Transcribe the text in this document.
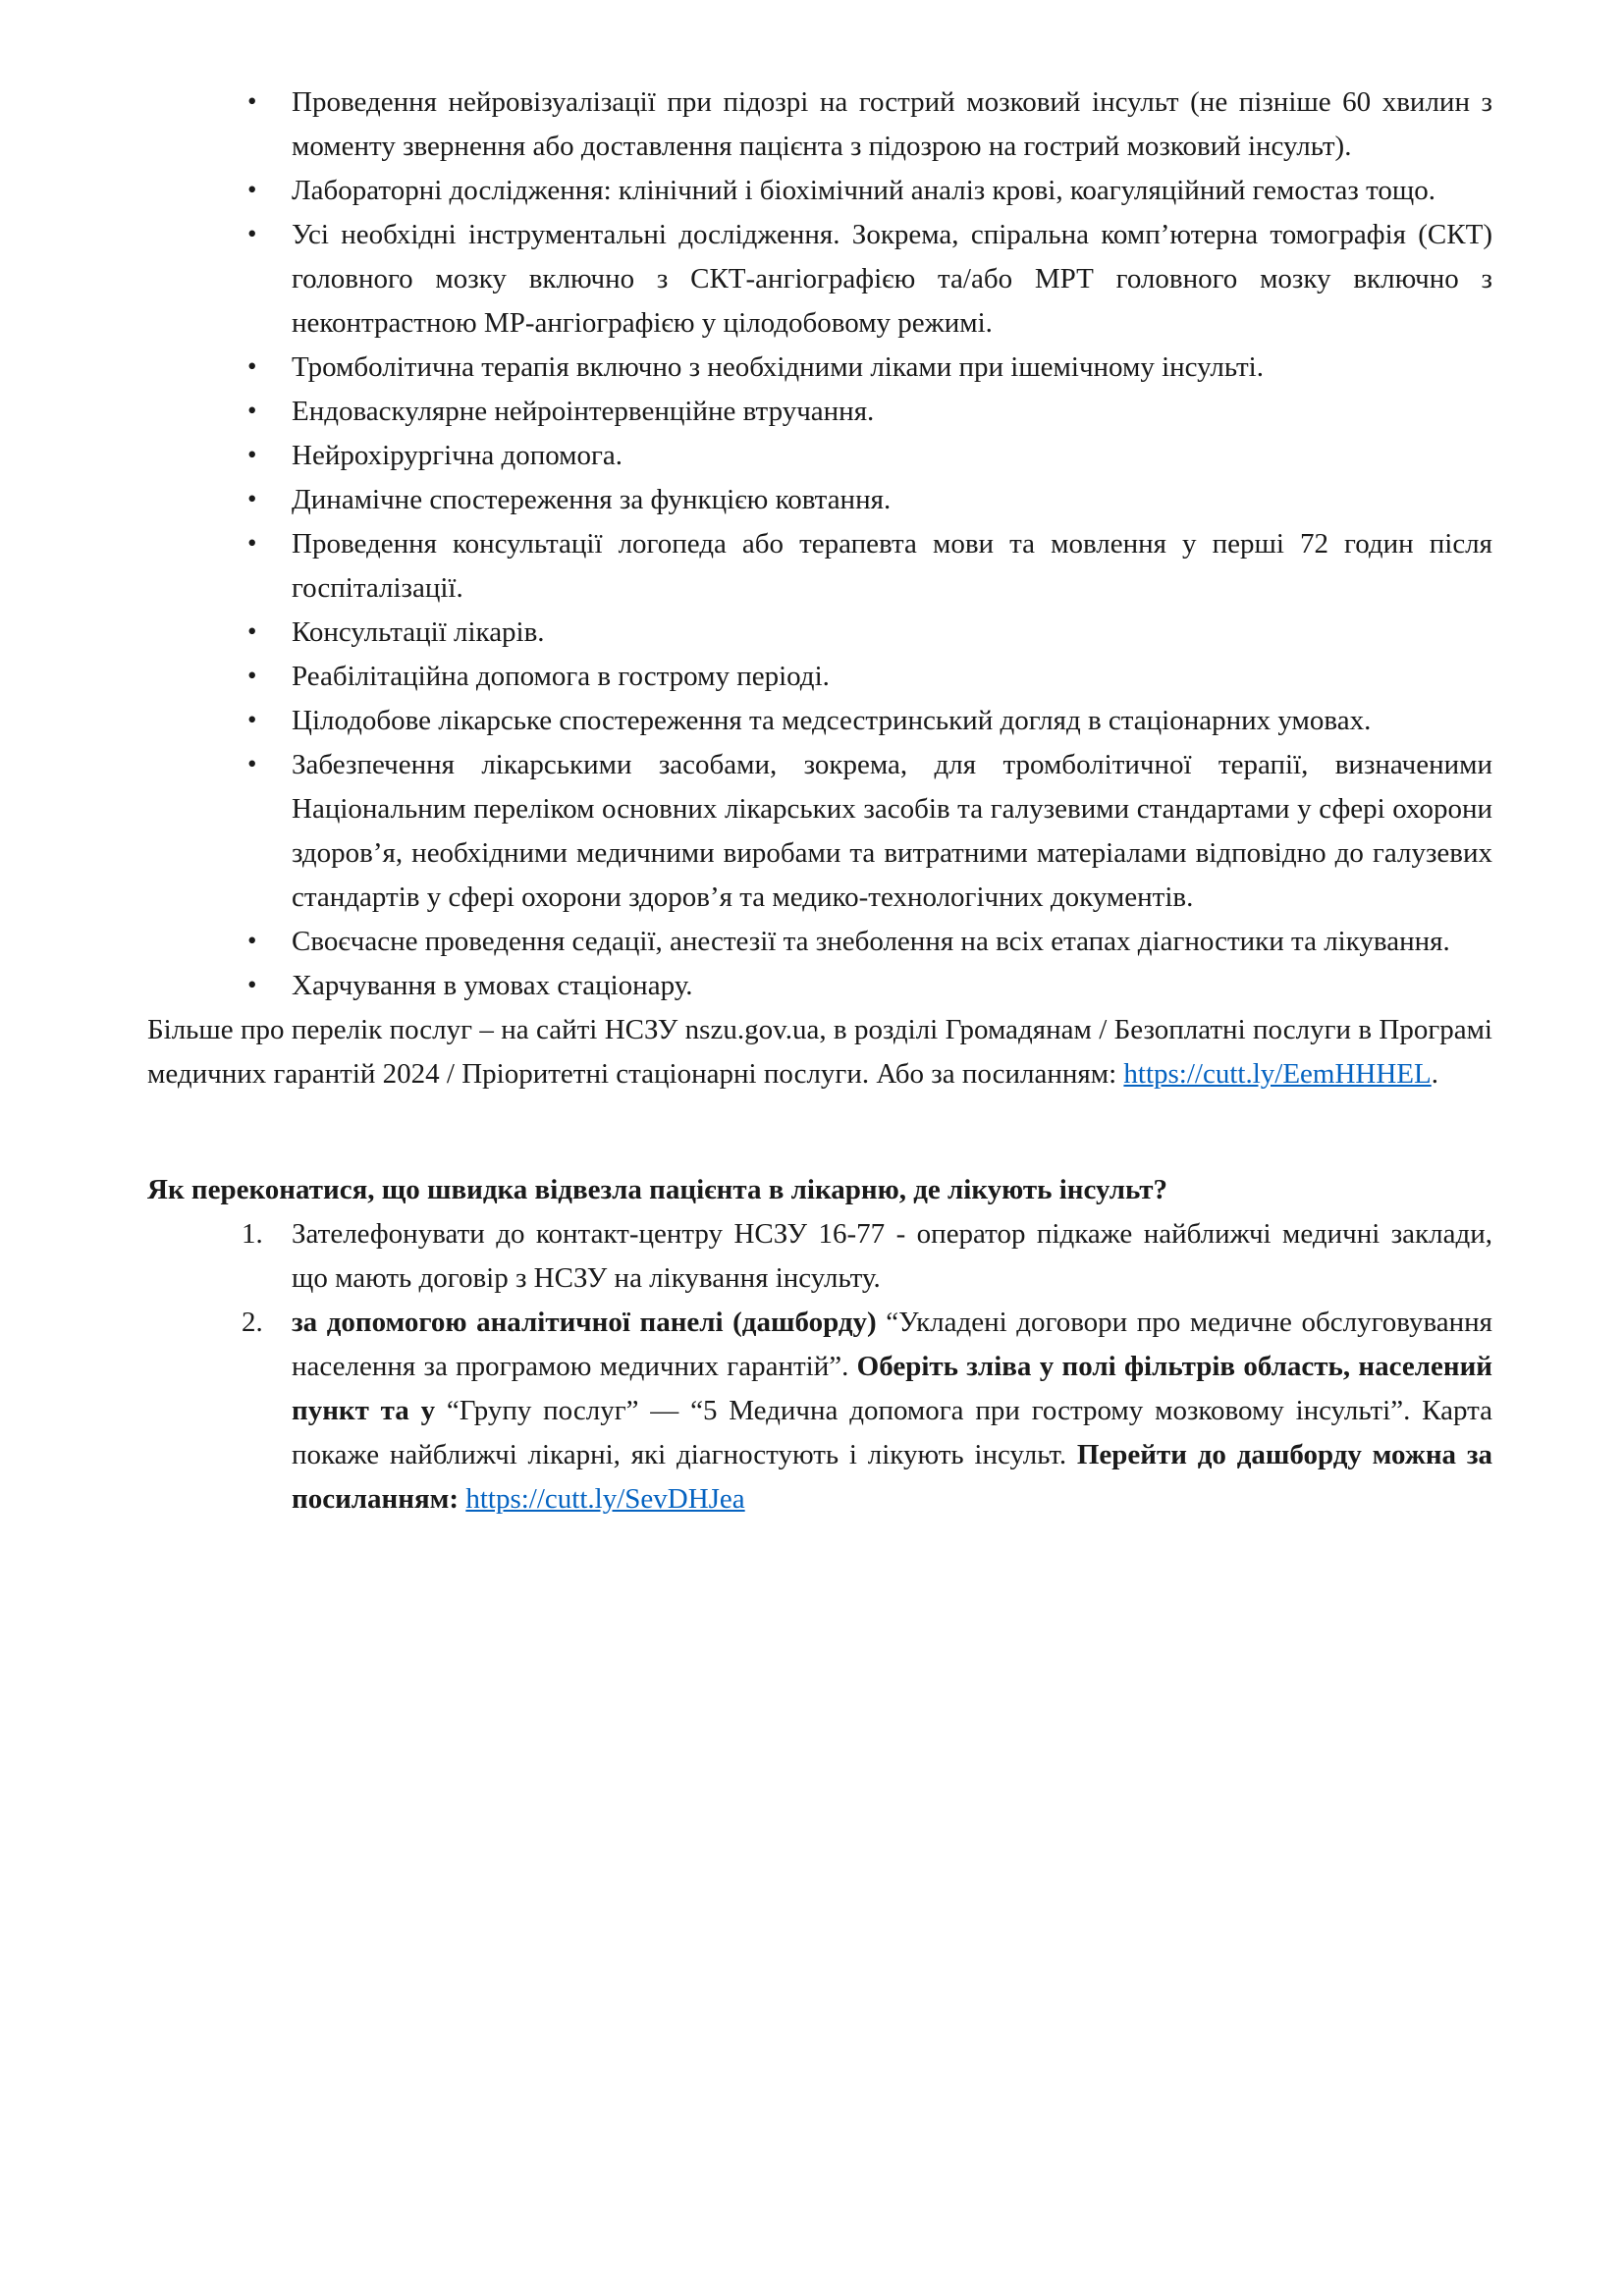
• Проведення нейровізуалізації при підозрі на гострий мозковий інсульт (не пізніше 60 хвилин з моменту звернення або доставлення пацієнта з підозрою на гострий мозковий інсульт).
• Лабораторні дослідження: клінічний і біохімічний аналіз крові, коагуляційний гемостаз тощо.
• Усі необхідні інструментальні дослідження. Зокрема, спіральна комп’ютерна томографія (СКТ) головного мозку включно з СКТ-ангіографією та/або МРТ головного мозку включно з неконтрастною МР-ангіографією у цілодобовому режимі.
• Тромболітична терапія включно з необхідними ліками при ішемічному інсульті.
• Ендоваскулярне нейроінтервенційне втручання.
• Нейрохірургічна допомога.
• Динамічне спостереження за функцією ковтання.
• Проведення консультації логопеда або терапевта мови та мовлення у перші 72 годин після госпіталізації.
• Консультації лікарів.
• Реабілітаційна допомога в гострому періоді.
• Цілодобове лікарське спостереження та медсестринський догляд в стаціонарних умовах.
• Забезпечення лікарськими засобами, зокрема, для тромболітичної терапії, визначеними Національним переліком основних лікарських засобів та галузевими стандартами у сфері охорони здоров’я, необхідними медичними виробами та витратними матеріалами відповідно до галузевих стандартів у сфері охорони здоров’я та медико-технологічних документів.
• Своєчасне проведення седації, анестезії та знеболення на всіх етапах діагностики та лікування.
• Харчування в умовах стаціонару.

Більше про перелік послуг – на сайті НСЗУ nszu.gov.ua, в розділі Громадянам / Безоплатні послуги в Програмі медичних гарантій 2024 / Пріоритетні стаціонарні послуги. Або за посиланням: https://cutt.ly/EemHHHEL.

Як переконатися, що швидка відвезла пацієнта в лікарню, де лікують інсульт?
1. Зателефонувати до контакт-центру НСЗУ 16-77 - оператор підкаже найближчі медичні заклади, що мають договір з НСЗУ на лікування інсульту.
2. за допомогою аналітичної панелі (дашборду) “Укладені договори про медичне обслуговування населення за програмою медичних гарантій”. Оберіть зліва у полі фільтрів область, населений пункт та у “Групу послуг” — “5 Медична допомога при гострому мозковому інсульті”. Карта покаже найближчі лікарні, які діагностують і лікують інсульт. Перейти до дашборду можна за посиланням: https://cutt.ly/SevDHJea
